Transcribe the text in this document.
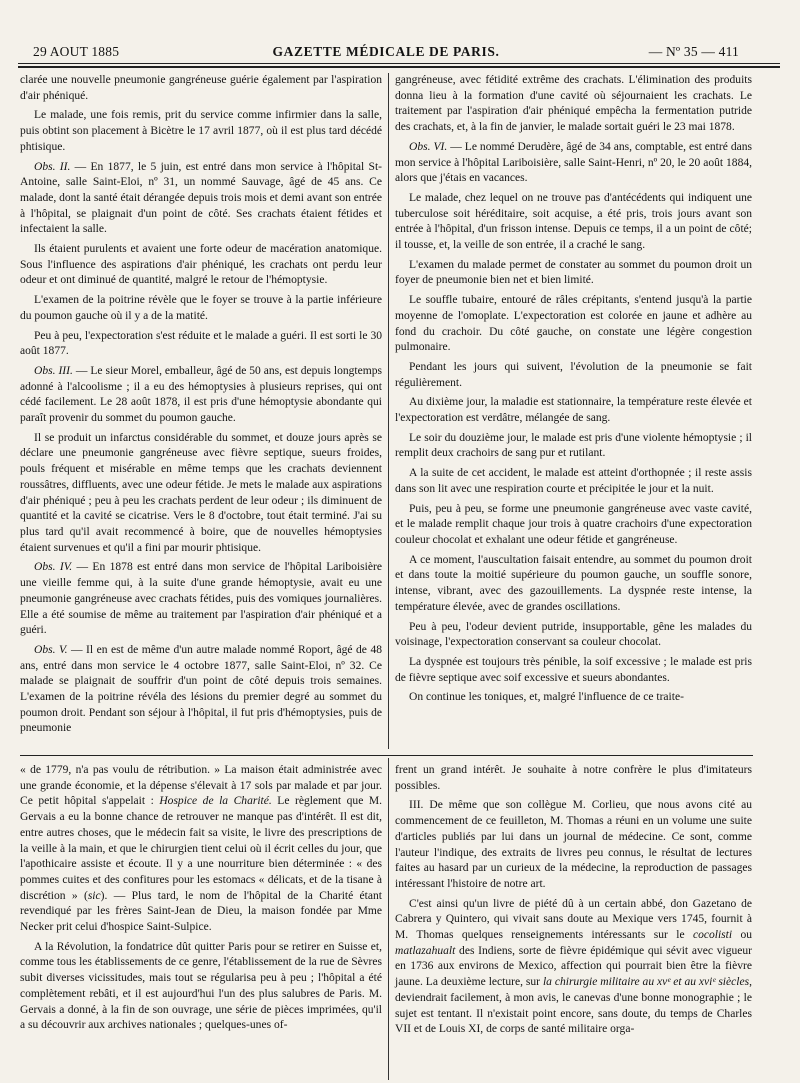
29 AOUT 1885	GAZETTE MÉDICALE DE PARIS.	— Nº 35 — 411

clarée une nouvelle pneumonie gangréneuse guérie également par l'aspiration d'air phéniqué.

Le malade, une fois remis, prit du service comme infirmier dans la salle, puis obtint son placement à Bicètre le 17 avril 1877, où il est plus tard décédé phtisique.

Obs. II. — En 1877, le 5 juin, est entré dans mon service à l'hôpital St-Antoine, salle Saint-Eloi, nº 31, un nommé Sauvage, âgé de 45 ans. Ce malade, dont la santé était dérangée depuis trois mois et demi avant son entrée à l'hôpital, se plaignait d'un point de côté. Ses crachats étaient fétides et infectaient la salle.

Ils étaient purulents et avaient une forte odeur de macération anatomique. Sous l'influence des aspirations d'air phéniqué, les crachats ont perdu leur odeur et ont diminué de quantité, malgré le retour de l'hémoptysie.

L'examen de la poitrine révèle que le foyer se trouve à la partie inférieure du poumon gauche où il y a de la matité.

Peu à peu, l'expectoration s'est réduite et le malade a guéri. Il est sorti le 30 août 1877.

Obs. III. — Le sieur Morel, emballeur, âgé de 50 ans, est depuis longtemps adonné à l'alcoolisme ; il a eu des hémoptysies à plusieurs reprises, qui ont cédé facilement. Le 28 août 1878, il est pris d'une hémoptysie abondante qui paraît provenir du sommet du poumon gauche.

Il se produit un infarctus considérable du sommet, et douze jours après se déclare une pneumonie gangréneuse avec fièvre septique, sueurs froides, pouls fréquent et misérable en même temps que les crachats deviennent roussâtres, diffluents, avec une odeur fétide. Je mets le malade aux aspirations d'air phéniqué ; peu à peu les crachats perdent de leur odeur ; ils diminuent de quantité et la cavité se cicatrise. Vers le 8 d'octobre, tout était terminé. J'ai su plus tard qu'il avait recommencé à boire, que de nouvelles hémoptysies étaient survenues et qu'il a fini par mourir phtisique.

Obs. IV. — En 1878 est entré dans mon service de l'hôpital Lariboisière une vieille femme qui, à la suite d'une grande hémoptysie, avait eu une pneumonie gangréneuse avec crachats fétides, puis des vomiques journalières. Elle a été soumise de même au traitement par l'aspiration d'air phéniqué et a guéri.

Obs. V. — Il en est de même d'un autre malade nommé Roport, âgé de 48 ans, entré dans mon service le 4 octobre 1877, salle Saint-Eloi, nº 32. Ce malade se plaignait de souffrir d'un point de côté depuis trois semaines. L'examen de la poitrine révéla des lésions du premier degré au sommet du poumon droit. Pendant son séjour à l'hôpital, il fut pris d'hémoptysies, puis de pneumonie

gangréneuse, avec fétidité extrême des crachats. L'élimination des produits donna lieu à la formation d'une cavité où séjournaient les crachats. Le traitement par l'aspiration d'air phéniqué empêcha la fermentation putride des crachats, et, à la fin de janvier, le malade sortait guéri le 23 mai 1878.

Obs. VI. — Le nommé Derudère, âgé de 34 ans, comptable, est entré dans mon service à l'hôpital Lariboisière, salle Saint-Henri, nº 20, le 20 août 1884, alors que j'étais en vacances.

Le malade, chez lequel on ne trouve pas d'antécédents qui indiquent une tuberculose soit héréditaire, soit acquise, a été pris, trois jours avant son entrée à l'hôpital, d'un frisson intense. Depuis ce temps, il a un point de côté; il tousse, et, la veille de son entrée, il a craché le sang.

L'examen du malade permet de constater au sommet du poumon droit un foyer de pneumonie bien net et bien limité.

Le souffle tubaire, entouré de râles crépitants, s'entend jusqu'à la partie moyenne de l'omoplate. L'expectoration est colorée en jaune et adhère au fond du crachoir. Du côté gauche, on constate une légère congestion pulmonaire.

Pendant les jours qui suivent, l'évolution de la pneumonie se fait régulièrement.

Au dixième jour, la maladie est stationnaire, la température reste élevée et l'expectoration est verdâtre, mélangée de sang.

Le soir du douzième jour, le malade est pris d'une violente hémoptysie ; il remplit deux crachoirs de sang pur et rutilant.

A la suite de cet accident, le malade est atteint d'orthopnée ; il reste assis dans son lit avec une respiration courte et précipitée le jour et la nuit.

Puis, peu à peu, se forme une pneumonie gangréneuse avec vaste cavité, et le malade remplit chaque jour trois à quatre crachoirs d'une expectoration couleur chocolat et exhalant une odeur fétide et gangréneuse.

A ce moment, l'auscultation faisait entendre, au sommet du poumon droit et dans toute la moitié supérieure du poumon gauche, un souffle sonore, intense, vibrant, avec des gazouillements. La dyspnée reste intense, la température élevée, avec de grandes oscillations.

Peu à peu, l'odeur devient putride, insupportable, gêne les malades du voisinage, l'expectoration conservant sa couleur chocolat.

La dyspnée est toujours très pénible, la soif excessive ; le malade est pris de fièvre septique avec soif excessive et sueurs abondantes.

On continue les toniques, et, malgré l'influence de ce traite-

« de 1779, n'a pas voulu de rétribution. » La maison était administrée avec une grande économie, et la dépense s'élevait à 17 sols par malade et par jour. Ce petit hôpital s'appelait : Hospice de la Charité. Le règlement que M. Gervais a eu la bonne chance de retrouver ne manque pas d'intérêt. Il est dit, entre autres choses, que le médecin fait sa visite, le livre des prescriptions de la veille à la main, et que le chirurgien tient celui où il écrit celles du jour, que l'apothicaire assiste et écoute. Il y a une nourriture bien déterminée : « des pommes cuites et des confitures pour les estomacs « délicats, et de la tisane à discrétion » (sic). — Plus tard, le nom de l'hôpital de la Charité étant revendiqué par les frères Saint-Jean de Dieu, la maison fondée par Mme Necker prit celui d'hospice Saint-Sulpice.

A la Révolution, la fondatrice dût quitter Paris pour se retirer en Suisse et, comme tous les établissements de ce genre, l'établissement de la rue de Sèvres subit diverses vicissitudes, mais tout se régularisa peu à peu ; l'hôpital a été complètement rebâti, et il est aujourd'hui l'un des plus salubres de Paris. M. Gervais a donné, à la fin de son ouvrage, une série de pièces imprimées, qu'il a su découvrir aux archives nationales ; quelques-unes of-

frent un grand intérêt. Je souhaite à notre confrère le plus d'imitateurs possibles.

III. De même que son collègue M. Corlieu, que nous avons cité au commencement de ce feuilleton, M. Thomas a réuni en un volume une suite d'articles publiés par lui dans un journal de médecine. Ce sont, comme l'auteur l'indique, des extraits de livres peu connus, le résultat de lectures faites au hasard par un curieux de la médecine, la reproduction de passages intéressant l'histoire de notre art.

C'est ainsi qu'un livre de piété dû à un certain abbé, don Gazetano de Cabrera y Quintero, qui vivait sans doute au Mexique vers 1745, fournit à M. Thomas quelques renseignements intéressants sur le cocolisti ou matlazahualt des Indiens, sorte de fièvre épidémique qui sévit avec vigueur en 1736 aux environs de Mexico, affection qui pourrait bien être la fièvre jaune. La deuxième lecture, sur la chirurgie militaire au xvᵉ et au xviᵉ siècles, deviendrait facilement, à mon avis, le canevas d'une bonne monographie ; le sujet est tentant. Il n'existait point encore, sans doute, du temps de Charles VII et de Louis XI, de corps de santé militaire orga-
